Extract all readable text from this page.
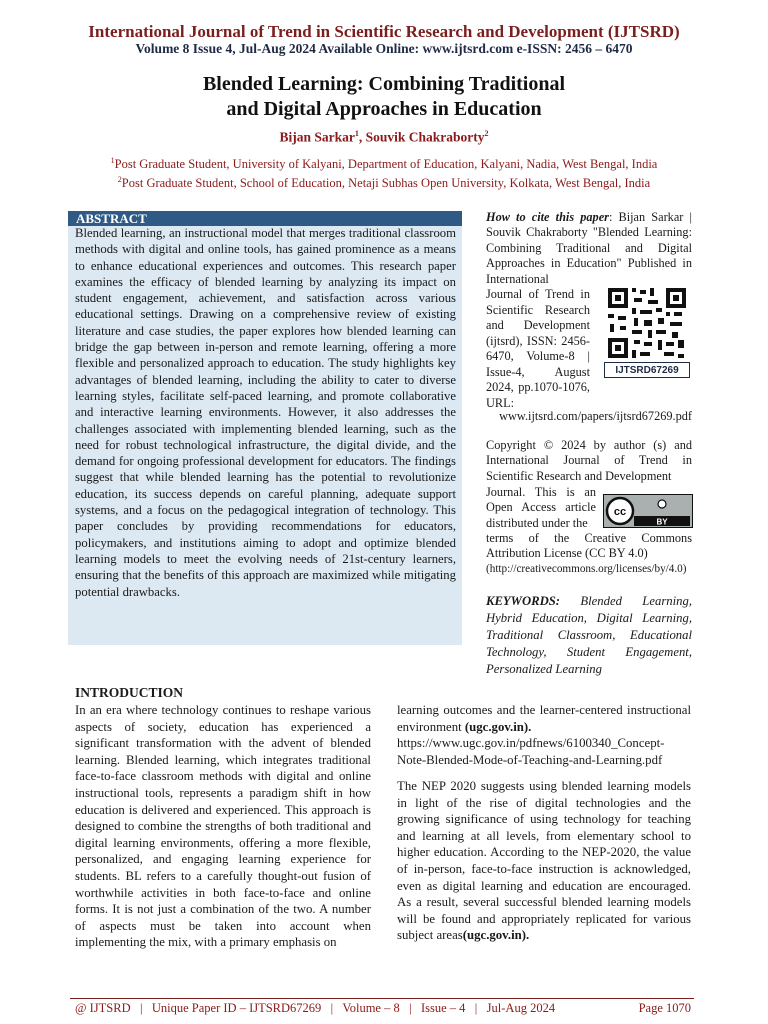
International Journal of Trend in Scientific Research and Development (IJTSRD)
Volume 8 Issue 4, Jul-Aug 2024 Available Online: www.ijtsrd.com e-ISSN: 2456 – 6470
Blended Learning: Combining Traditional
and Digital Approaches in Education
Bijan Sarkar$^1$, Souvik Chakraborty$^2$
$^1$Post Graduate Student, University of Kalyani, Department of Education, Kalyani, Nadia, West Bengal, India
$^2$Post Graduate Student, School of Education, Netaji Subhas Open University, Kolkata, West Bengal, India
ABSTRACT
Blended learning, an instructional model that merges traditional classroom methods with digital and online tools, has gained prominence as a means to enhance educational experiences and outcomes. This research paper examines the efficacy of blended learning by analyzing its impact on student engagement, achievement, and satisfaction across various educational settings. Drawing on a comprehensive review of existing literature and case studies, the paper explores how blended learning can bridge the gap between in-person and remote learning, offering a more flexible and personalized approach to education. The study highlights key advantages of blended learning, including the ability to cater to diverse learning styles, facilitate self-paced learning, and promote collaborative and interactive learning environments. However, it also addresses the challenges associated with implementing blended learning, such as the need for robust technological infrastructure, the digital divide, and the demand for ongoing professional development for educators. The findings suggest that while blended learning has the potential to revolutionize education, its success depends on careful planning, adequate support systems, and a focus on the pedagogical integration of technology. This paper concludes by providing recommendations for educators, policymakers, and institutions aiming to adopt and optimize blended learning models to meet the evolving needs of 21st-century learners, ensuring that the benefits of this approach are maximized while mitigating potential drawbacks.
How to cite this paper: Bijan Sarkar | Souvik Chakraborty "Blended Learning: Combining Traditional and Digital Approaches in Education" Published in International
Journal of Trend in Scientific Research and Development (ijtsrd), ISSN: 2456-6470, Volume-8 | Issue-4, August 2024, pp.1070-1076, URL:
www.ijtsrd.com/papers/ijtsrd67269.pdf
IJTSRD67269
Copyright © 2024 by author (s) and International Journal of Trend in Scientific Research and Development
Journal. This is an Open Access article distributed under the
cc
BY
terms of the Creative Commons Attribution License (CC BY 4.0)
(http://creativecommons.org/licenses/by/4.0)
KEYWORDS: Blended Learning, Hybrid Education, Digital Learning, Traditional Classroom, Educational Technology, Student Engagement, Personalized Learning
INTRODUCTION
In an era where technology continues to reshape various aspects of society, education has experienced a significant transformation with the advent of blended learning. Blended learning, which integrates traditional face-to-face classroom methods with digital and online instructional tools, represents a paradigm shift in how education is delivered and experienced. This approach is designed to combine the strengths of both traditional and digital learning environments, offering a more flexible, personalized, and engaging learning experience for students. BL refers to a carefully thought-out fusion of worthwhile activities in both face-to-face and online forms. It is not just a combination of the two. A number of aspects must be taken into account when implementing the mix, with a primary emphasis on
learning outcomes and the learner-centered instructional environment (ugc.gov.in).
https://www.ugc.gov.in/pdfnews/6100340_Concept-Note-Blended-Mode-of-Teaching-and-Learning.pdf
The NEP 2020 suggests using blended learning models in light of the rise of digital technologies and the growing significance of using technology for teaching and learning at all levels, from elementary school to higher education. According to the NEP-2020, the value of in-person, face-to-face instruction is acknowledged, even as digital learning and education are encouraged. As a result, several successful blended learning models will be found and appropriately replicated for various subject areas(ugc.gov.in).
@ IJTSRD   |   Unique Paper ID – IJTSRD67269   |   Volume – 8   |   Issue – 4   |   Jul-Aug 2024	Page 1070
